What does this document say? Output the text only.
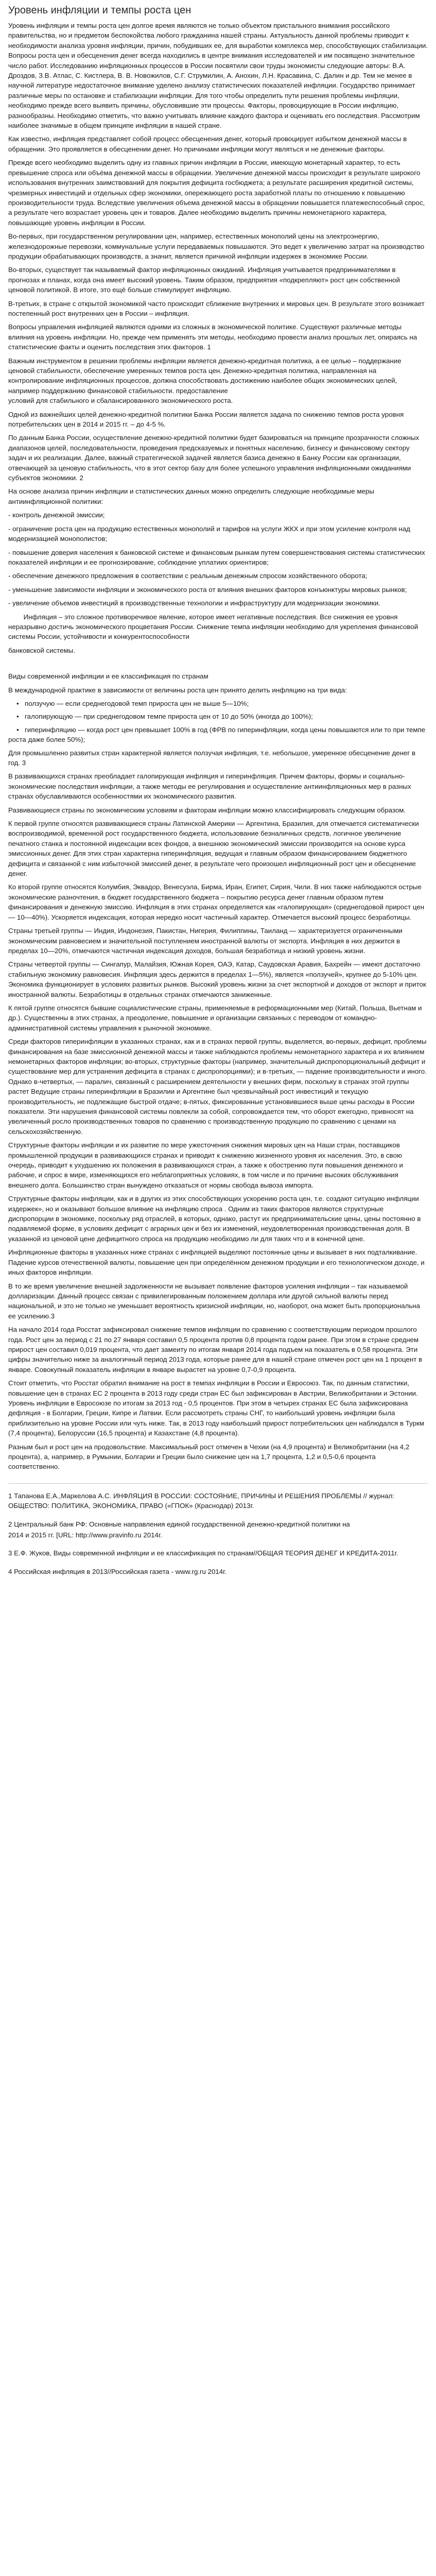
Уровень инфляции и темпы роста цен

Уровень инфляции и темпы роста цен долгое время являются не только объектом пристального внимания российского правительства, но и предметом беспокойства любого гражданина нашей страны. Актуальность данной проблемы приводит к необходимости анализа уровня инфляции, причин, побудивших ее, для выработки комплекса мер, способствующих стабилизации. Вопросы роста цен и обесценения денег всегда находились в центре внимания исследователей и им посвящено значительное число работ. Исследованию инфляционных процессов в России посвятили свои труды экономисты следующие авторы: В.А. Дроздов, З.В. Атлас, С. Кистлера, В. В. Новожилов, С.Г. Струмилин, А. Анохин, Л.Н. Красавина, С. Далин и др. Тем не менее в научной литературе недостаточное внимание уделено анализу статистических показателей инфляции. Государство принимает различные меры по остановке и стабилизации инфляции. Для того чтобы определить пути решения проблемы инфляции, необходимо прежде всего выявить причины, обусловившие эти процессы. Факторы, провоцирующие в России инфляцию, разнообразны. Необходимо отметить, что важно учитывать влияние каждого фактора и оценивать его последствия. Рассмотрим

наиболее значимые в общем принципе инфляции в нашей стране.

Как известно, инфляция представляет собой процесс обесценения денег, который провоцирует избытком денежной массы в обращении. Это проявляется в обесценении денег. Но причинами инфляции могут являться и не денежные факторы.

Прежде всего необходимо выделить одну из главных причин инфляции в России, имеющую монетарный характер, то есть превышение спроса или объёма денежной массы в обращении. Увеличение денежной массы происходит в результате широкого использования внутренних заимствований для покрытия дефицита госбюджета; а результате расширения кредитной системы, чрезмерных инвестиций и отдельных сфер экономики, опережающего роста заработной платы по отношению к повышению производительности труда. Вследствие увеличения объема денежной массы в обращении повышается платежеспособный спрос, а результате чего возрастает уровень цен и товаров. Далее необходимо выделить причины немонетарного характера, повышающие уровень инфляции в России.

Во-первых, при государственном регулировании цен, например, естественных монополий цены на электроэнергию, железнодорожные перевозки, коммунальные услуги передаваемых повышаются. Это ведет к увеличению затрат на производство продукции обрабатывающих производств, а значит, является причиной инфляции издержек в экономике России.

Во-вторых, существует так называемый фактор инфляционных ожиданий. Инфляция учитывается предпринимателями в прогнозах и планах, когда она имеет высокий уровень. Таким образом, предприятия «подкрепляют» рост цен собственной ценовой политикой. В итоге, это ещё больше стимулирует инфляцию.

В-третьих, в стране с открытой экономикой часто происходит сближение внутренних и мировых цен. В результате этого возникает постепенный рост внутренних цен в России – инфляция.

Вопросы управления инфляцией являются одними из сложных в экономической политике. Существуют различные методы влияния на уровень инфляции. Но, прежде чем применять эти методы, необходимо провести анализ прошлых лет, опираясь на статистические факты и оценить последствия этих факторов. 1

Важным инструментом в решении проблемы инфляции является денежно-кредитная политика, а ее целью – поддержание ценовой стабильности, обеспечение умеренных темпов роста цен. Денежно-кредитная политика, направленная на контролирование инфляционных процессов, должна способствовать достижению наиболее общих экономических целей, например поддержанию финансовой стабильности. предоставление

условий для стабильного и сбалансированного экономического роста.

Одной из важнейших целей денежно-кредитной политики Банка России является задача по снижению темпов роста уровня потребительских цен в 2014 и 2015 гг. – до 4-5 %.

По данным Банка России, осуществление денежно-кредитной политики будет базироваться на принципе прозрачности сложных диапазонов целей, последовательности, проведения предсказуемых и понятных населению, бизнесу и финансовому сектору задач и их реализации. Далее, важный стратегической задачей является базиса денежно в Банку России как организации, отвечающей за ценовую стабильность, что в этот сектор базу для более успешного управления инфляционными ожиданиями субъектов экономики. 2

На основе анализа причин инфляции и статистических данных можно определить следующие необходимые меры антиинфляционной политики:

- контроль денежной эмиссии;

- ограничение роста цен на продукцию естественных монополий и тарифов на услуги ЖКХ и при этом усиление контроля над модернизацией монополистов;

- повышение доверия населения к банковской системе и финансовым рынкам путем совершенствования системы статистических показателей инфляции и ее прогнозирование, соблюдение уплатиих ориентиров;

- обеспечение денежного предложения в соответствии с реальным денежным спросом хозяйственного оборота;

- уменьшение зависимости инфляции и экономического роста от влияния внешних факторов конъюнктуры мировых рынков;

- увеличение объемов инвестиций в производственные технологии и инфраструктуру для модернизации экономики.

Инфляция – это сложное противоречивое явление, которое имеет негативные последствия. Все снижения ее уровня неразрывно достичь экономического процветания России. Снижение темпа инфляции необходимо для укрепления финансовой системы России, устойчивости и конкурентоспособности

банковской системы.

Виды современной инфляции и ее классификация по странам

В международной практике в зависимости от величины роста цен принято делить инфляцию на три вида:

• ползучую — если среднегодовой темп прироста цен не выше 5—10%;
• галопирующую — при среднегодовом темпе прироста цен от 10 до 50% (иногда до 100%);
• гиперинфляцию — когда рост цен превышает 100% в год (ФРВ по гиперинфляции, когда цены повышаются или то при темпе роста даже более 50%);

Для промышленно развитых стран характерной является ползучая инфляция, т.е. небольшое, умеренное обесценение денег в год. 3

В развивающихся странах преобладает галопирующая инфляция и гиперинфляция. Причем факторы, формы и социально-экономические последствия инфляции, а также методы ее регулирования и осуществление антиинфляционных мер в разных странах обуславливаются особенностями их экономического развития.

Развивающиеся страны по экономическим условиям и факторам инфляции можно классифицировать следующим образом.

К первой группе относятся развивающиеся страны Латинской Америки — Аргентина, Бразилия, для отмечается систематически воспроизводимой, временной рост государственного бюджета, использование безналичных средств, логичное увеличение печатного станка и постоянной индексации всех фондов, а внешнюю экономический эмиссии производится на основе курса эмиссионных денег. Для этих стран характерна гиперинфляция, ведущая и главным образом финансированием бюджетного дефицита и связанной с ним избыточной эмиссией денег, в результате чего произошел инфляционный рост цен и обесценение денег.

Ко второй группе относятся Колумбия, Эквадор, Венесуэла, Бирма, Иран, Египет, Сирия, Чили. В них также наблюдаются острые экономические разночтения, в бюджет государственного бюджета – покрытию ресурса денег главным образом путем финансирования и денежную эмиссию. Инфляция в этих странах определяется как «галопирующая» (среднегодовой прирост цен — 10—40%). Ускоряется индексация, которая нередко носит частичный характер. Отмечается высокий процесс безработицы.

Страны третьей группы — Индия, Индонезия, Пакистан, Нигерия, Филиппины, Таиланд — характеризуется ограниченными экономическим равновесием и значительной поступлением иностранной валюты от экспорта. Инфляция в них держится в пределах 10—20%, отмечаются частичная индексация доходов, большая безработица и низкий уровень жизни.

Страны четвертой группы — Сингапур, Малайзия, Южная Корея, ОАЭ, Катар, Саудовская Аравия, Бахрейн — имеют достаточно стабильную экономику равновесия. Инфляция здесь держится в пределах 1—5%), является «ползучей», крупнее до 5-10% цен. Экономика функционирует в условиях развитых рынков. Высокий уровень жизни за счет экспортной и доходов от экспорт и приток иностранной валюты. Безработицы в отдельных странах отмечаются заниженные.

К пятой группе относятся бывшие социалистические страны, применяемые в реформационными мер (Китай, Польша, Вьетнам и др.). Существенны в этих странах, а преодоление, повышение и организации связанных с переводом от командно-административной системы управления к рыночной экономике.

Среди факторов гиперинфляции в указанных странах, как и в странах первой группы, выделяется, во-первых, дефицит, проблемы финансирования на базе эмиссионной денежной массы и также наблюдаются проблемы немонетарного характера и их влиянием немонетарных факторов инфляции; во-вторых, структурные факторы (например, значительный диспропорциональный дефицит и существование мер для устранения дефицита в странах с диспропорциями); и в-третьих, — падение производительности и иного. Однако в-четвертых, — паралич, связанный с расширением деятельности у внешних фирм, поскольку в странах этой группы растет Ведущие страны гиперинфляции в Бразилии и Аргентине был чрезвычайный рост инвестиций и текущую производительность, не подлежащие быстрой отдаче; в-пятых, фиксированные установившиеся выше цены расходы в России показатели. Эти нарушения финансовой системы повлекли за собой, сопровождается тем, что оборот ежегодно, привносят на увеличенный росло производственных товаров по сравнению с производственную продукцию по сравнению с ценами на сельскохозяйственную.

Структурные факторы инфляции и их развитие по мере ужесточения снижения мировых цен на Наши стран, поставщиков промышленной продукции в развивающихся странах и приводит к снижению жизненного уровня их населения. Это, в свою очередь, приводит к ухудшению их положения в развивающихся стран, а также к обострению пути повышения денежного и рабочие, и спрос в мире, изменяющихся его неблагоприятных условиях, в том числе и по причине высоких обслуживания внешнего долга. Большинство стран вынуждено отказаться от нормы свобода вывоза импорта.

Структурные факторы инфляции, как и в других из этих способствующих ускорению роста цен, т.е. создают ситуацию инфляции издержек», но и оказывают большое влияние на инфляцию спроса . Одним из таких факторов являются структурные диспропорции в экономике, поскольку ряд отраслей, в которых, однако, растут их предпринимательские цены, цены постоянно в подавляемой форме, в условиях дефицит с аграрных цен и без их изменений, неудовлетворенная производственная доля. В указанной из ценовой цене дефицитного спроса на продукцию необходимо ли для таких что и в конечной цене.

Инфляционные факторы в указанных ниже странах с инфляцией выделяют постоянные цены и вызывает в них подталкивание. Падение курсов отечественной валюты, повышение цен при определённом денежном продукции и его технологическом доходе, и иных факторов инфляции.

В то же время увеличение внешней задолженности не вызывает появление факторов усиления инфляции – так называемой долларизации. Данный процесс связан с привилегированным положением доллара или другой сильной валюты перед национальной, и это не только не уменьшает вероятность кризисной инфляции, но, наоборот, она может быть пропорциональна ее усилению.3

На начало 2014 года Росстат зафиксировал снижение темпов инфляции по сравнению с соответствующим периодом прошлого года. Рост цен за период с 21 по 27 января составил 0,5 процента против 0,8 процента годом ранее. При этом в стране среднем прирост цен составил 0,019 процента, что дает замеиту по итогам января 2014 года подъем на показатель в 0,58 процента. Эти цифры значительно ниже за аналогичный период 2013 года, которые ранее для в нашей стране отмечен рост цен на 1 процент в январе. Совокупный показатель инфляции в январе вырастет на уровне 0,7-0,9 процента.

Стоит отметить, что Росстат обратил внимание на рост в темпах инфляции в России и Евросоюз. Так, по данным статистики, повышение цен в странах ЕС 2 процента в 2013 году среди стран ЕС был зафиксирован в Австрии, Великобритании и Эстонии. Уровень инфляции в Евросоюзе по итогам за 2013 год - 0,5 процентов. При этом в четырех странах ЕС была зафиксирована дефляция - в Болгарии, Греции, Кипре и Латвии. Если рассмотреть страны СНГ, то наибольший уровень инфляции была приблизительно на уровне России или чуть ниже. Так, в 2013 году наибольший прирост потребительских цен наблюдался в Туркм (7,4 процента), Белоруссии (16,5 процента) и Казахстане (4,8 процента).

Разным был и рост цен на продовольствие. Максимальный рост отмечен в Чехии (на 4,9 процента) и Великобритании (на 4,2 процента), а, например, в Румынии, Болгарии и Греции было снижение цен на 1,7 процента, 1,2 и 0,5-0,6 процента соответственно.

1 Тапанова Е.А.,Маркелова А.С. ИНФЛЯЦИЯ В РОССИИ: СОСТОЯНИЕ, ПРИЧИНЫ И РЕШЕНИЯ ПРОБЛЕМЫ // журнал: ОБЩЕСТВО: ПОЛИТИКА, ЭКОНОМИКА, ПРАВО («ГПОК» (Краснодар) 2013г.

2 Центральный банк РФ: Основные направления единой государственной денежно-кредитной политики на

2014 и 2015 гг. [URL: http://www.pravinfo.ru 2014г.

3 Е.Ф. Жуков, Виды современной инфляции и ее классификация по странам//ОБЩАЯ ТЕОРИЯ ДЕНЕГ И КРЕДИТА-2011г.

4 Российская инфляция в 2013//Российская газета - www.rg.ru 2014г.
